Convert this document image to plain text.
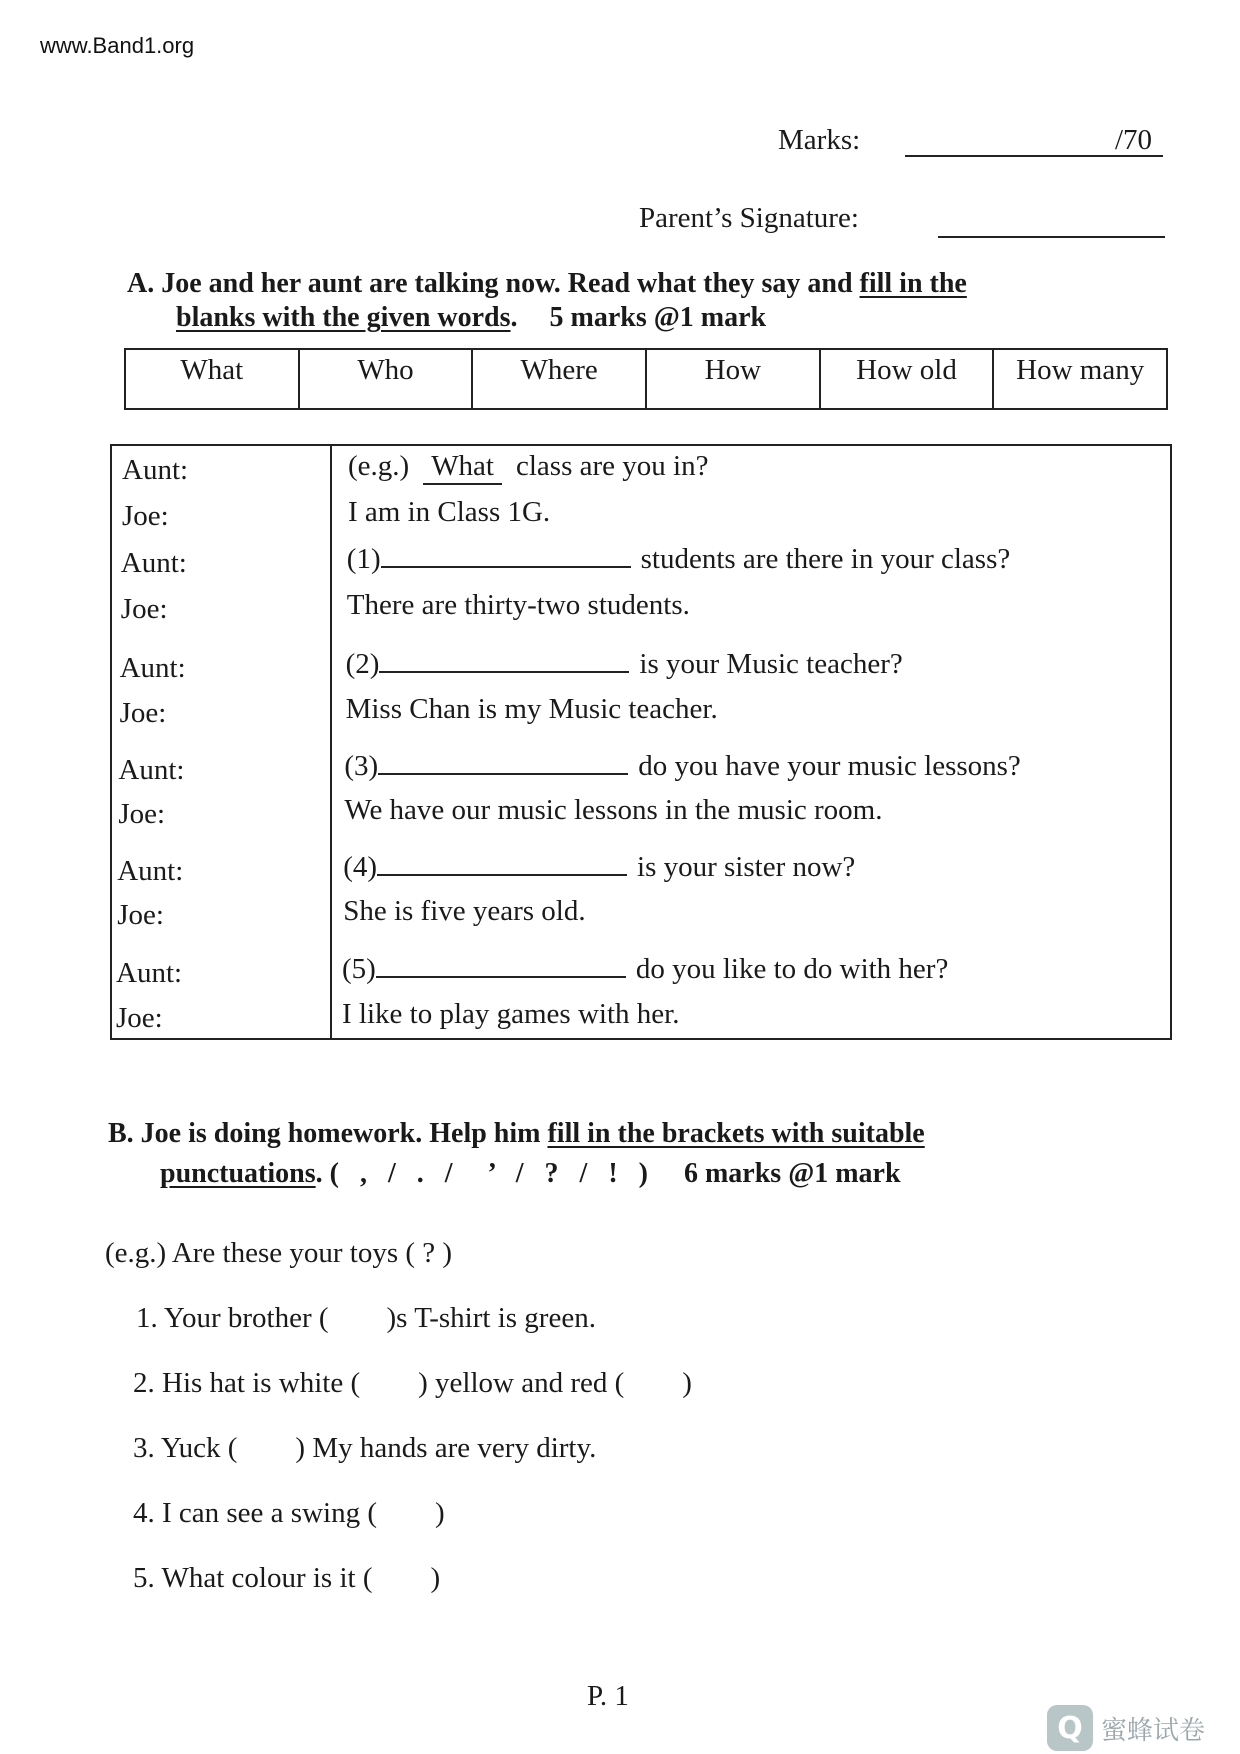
www.Band1.org
Marks:	/70
Parent’s Signature:
A. Joe and her aunt are talking now. Read what they say and fill in the
blanks with the given words. 5 marks @1 mark
What	Who	Where	How	How old	How many
Aunt:	(e.g.) What class are you in?
Joe:	I am in Class 1G.
Aunt:	(1)	students are there in your class?
Joe:	There are thirty-two students.
Aunt:	(2)	is your Music teacher?
Joe:	Miss Chan is my Music teacher.
Aunt:	(3)	do you have your music lessons?
Joe:	We have our music lessons in the music room.
Aunt:	(4)	is your sister now?
Joe:	She is five years old.
Aunt:	(5)	do you like to do with her?
Joe:	I like to play games with her.
B. Joe is doing homework. Help him fill in the brackets with suitable
punctuations. (   ,   /   .   /     ’   /   ?   /   !   ) 6 marks @1 mark
(e.g.) Are these your toys ( ? )
1. Your brother (        )s T-shirt is green.
2. His hat is white (        ) yellow and red (        )
3. Yuck (        ) My hands are very dirty.
4. I can see a swing (        )
5. What colour is it (        )
P. 1
Q 蜜蜂试卷
